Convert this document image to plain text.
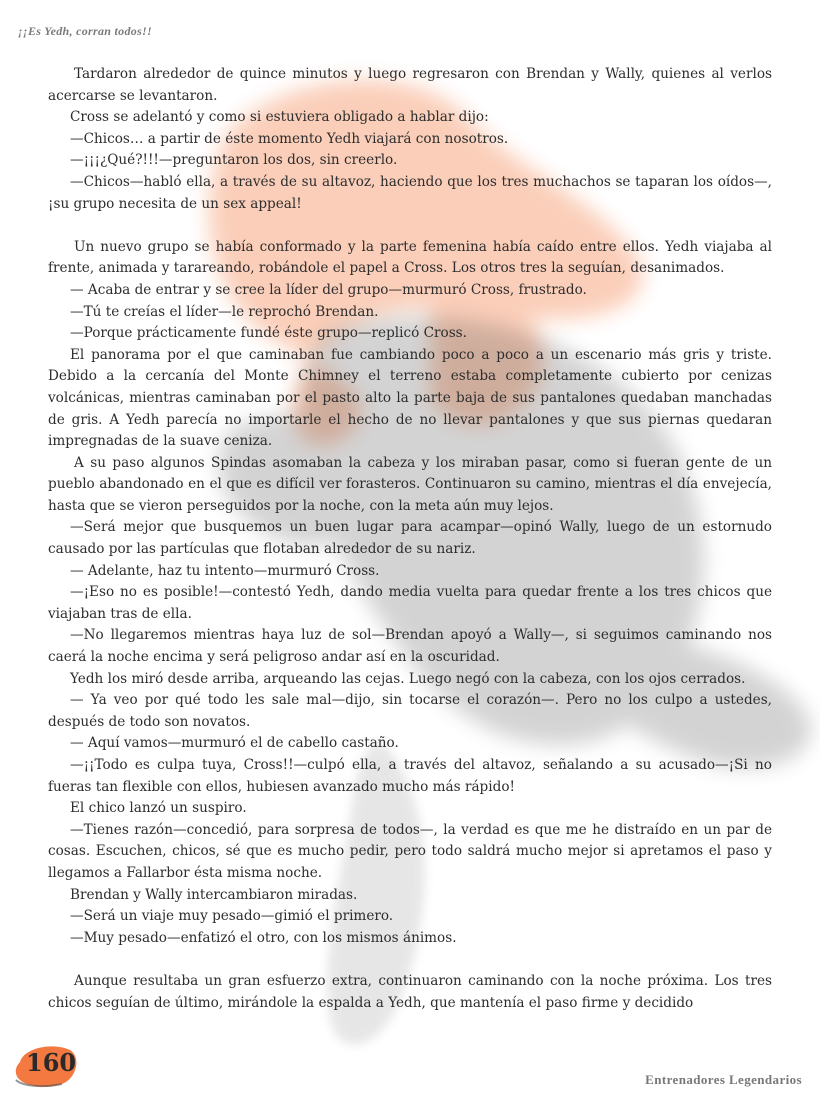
¡¡Es Yedh, corran todos!!

Tardaron alrededor de quince minutos y luego regresaron con Brendan y Wally, quienes al verlos acercarse se levantaron.

Cross se adelantó y como si estuviera obligado a hablar dijo:

—Chicos… a partir de éste momento Yedh viajará con nosotros.

—¡¡¡¿Qué?!!!—preguntaron los dos, sin creerlo.

—Chicos—habló ella, a través de su altavoz, haciendo que los tres muchachos se taparan los oídos—, ¡su grupo necesita de un sex appeal!

Un nuevo grupo se había conformado y la parte femenina había caído entre ellos. Yedh viajaba al frente, animada y tarareando, robándole el papel a Cross. Los otros tres la seguían, desanimados.

— Acaba de entrar y se cree la líder del grupo—murmuró Cross, frustrado.

—Tú te creías el líder—le reprochó Brendan.

—Porque prácticamente fundé éste grupo—replicó Cross.

El panorama por el que caminaban fue cambiando poco a poco a un escenario más gris y triste. Debido a la cercanía del Monte Chimney el terreno estaba completamente cubierto por cenizas volcánicas, mientras caminaban por el pasto alto la parte baja de sus pantalones quedaban manchadas de gris. A Yedh parecía no importarle el hecho de no llevar pantalones y que sus piernas quedaran impregnadas de la suave ceniza.

A su paso algunos Spindas asomaban la cabeza y los miraban pasar, como si fueran gente de un pueblo abandonado en el que es difícil ver forasteros. Continuaron su camino, mientras el día envejecía, hasta que se vieron perseguidos por la noche, con la meta aún muy lejos.

—Será mejor que busquemos un buen lugar para acampar—opinó Wally, luego de un estornudo causado por las partículas que flotaban alrededor de su nariz.

— Adelante, haz tu intento—murmuró Cross.

—¡Eso no es posible!—contestó Yedh, dando media vuelta para quedar frente a los tres chicos que viajaban tras de ella.

—No llegaremos mientras haya luz de sol—Brendan apoyó a Wally—, si seguimos caminando nos caerá la noche encima y será peligroso andar así en la oscuridad.

Yedh los miró desde arriba, arqueando las cejas. Luego negó con la cabeza, con los ojos cerrados.

— Ya veo por qué todo les sale mal—dijo, sin tocarse el corazón—. Pero no los culpo a ustedes, después de todo son novatos.

— Aquí vamos—murmuró el de cabello castaño.

—¡¡Todo es culpa tuya, Cross!!—culpó ella, a través del altavoz, señalando a su acusado—¡Si no fueras tan flexible con ellos, hubiesen avanzado mucho más rápido!

El chico lanzó un suspiro.

—Tienes razón—concedió, para sorpresa de todos—, la verdad es que me he distraído en un par de cosas. Escuchen, chicos, sé que es mucho pedir, pero todo saldrá mucho mejor si apretamos el paso y llegamos a Fallarbor ésta misma noche.

Brendan y Wally intercambiaron miradas.

—Será un viaje muy pesado—gimió el primero.

—Muy pesado—enfatizó el otro, con los mismos ánimos.

Aunque resultaba un gran esfuerzo extra, continuaron caminando con la noche próxima. Los tres chicos seguían de último, mirándole la espalda a Yedh, que mantenía el paso firme y decidido

160
Entrenadores Legendarios
